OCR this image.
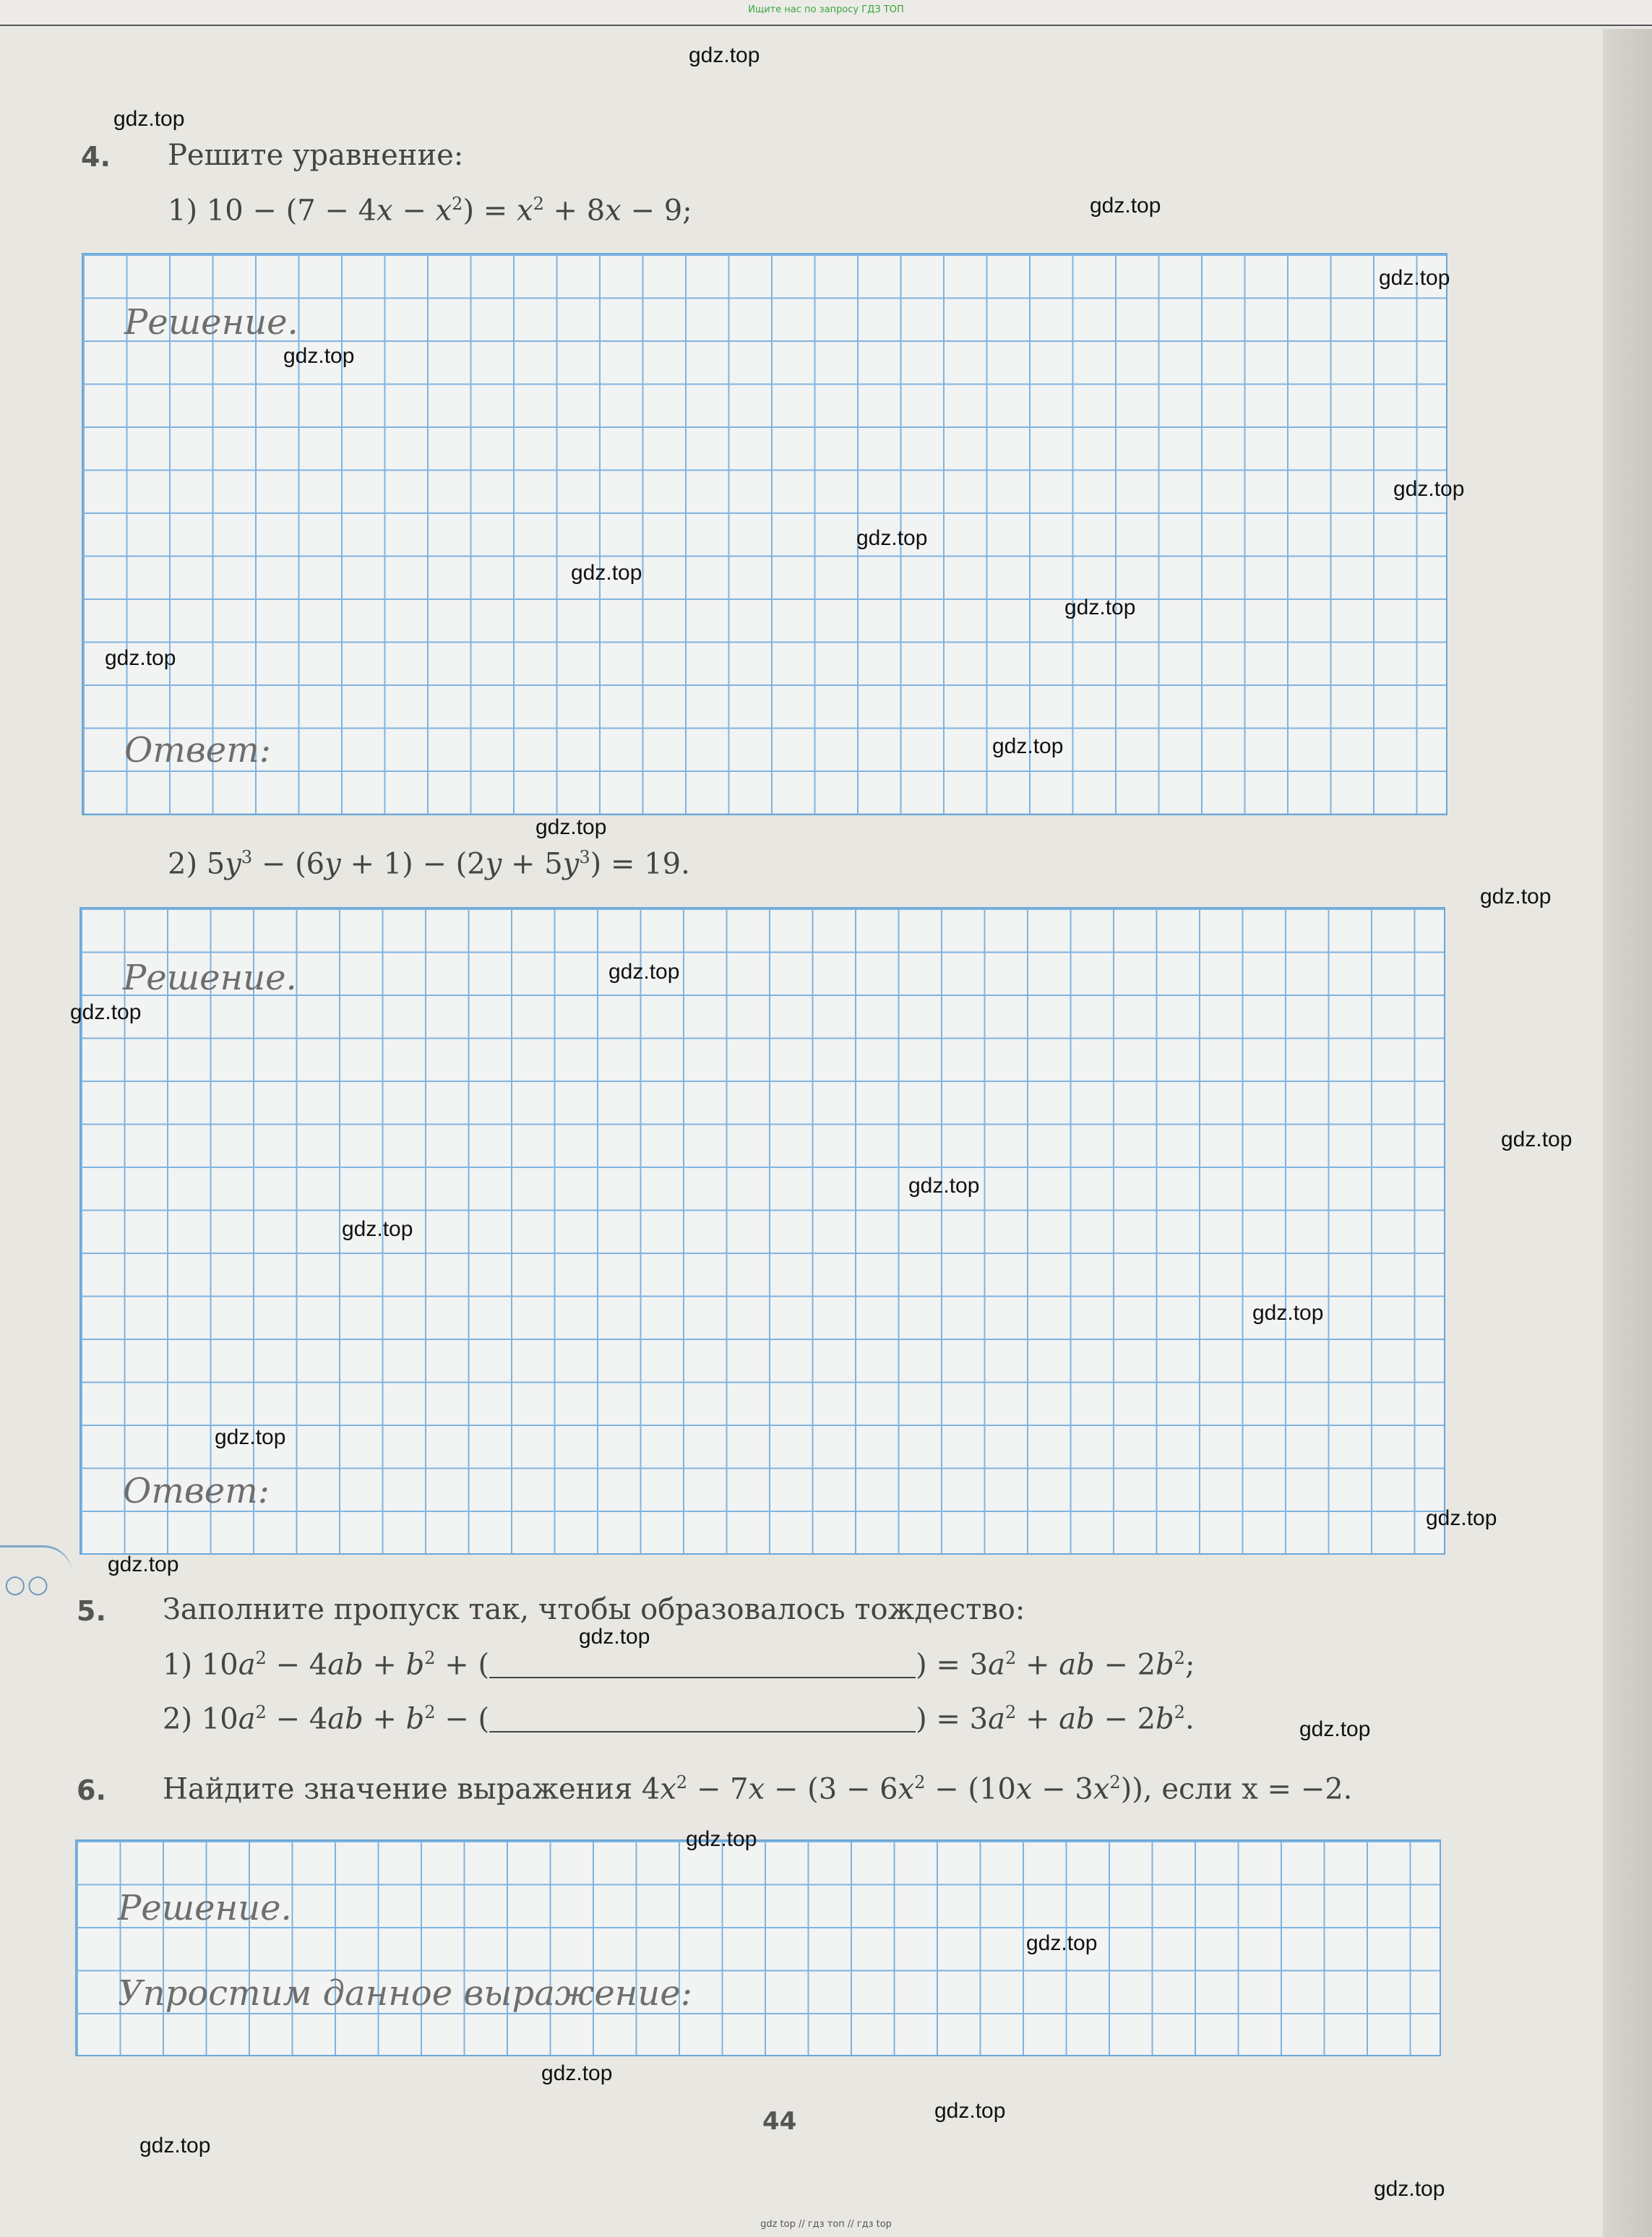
Ищите нас по запросу ГДЗ ТОП
4. Решите уравнение:
1) $10 - (7 - 4x - x^2) = x^2 + 8x - 9$;
Решение.
Ответ:
2) $5y^3 - (6y + 1) - (2y + 5y^3) = 19$.
Решение.
Ответ:
○○
5. Заполните пропуск так, чтобы образовалось тождество:
1) $10a^2 - 4ab + b^2$ + (	) = $3a^2$ + ab − $2b^2$;
2) $10a^2 - 4ab + b^2$ − (	) = $3a^2$ + ab − $2b^2$.
6. Найдите значение выражения $4x^2 - 7x - (3 - 6x^2 - (10x - 3x^2))$, если x = −2.
Решение.
Упростим данное выражение:
44
gdz top // гдз топ // гдз top
gdz.top
gdz.top
gdz.top
gdz.top
gdz.top
gdz.top
gdz.top
gdz.top
gdz.top
gdz.top
gdz.top
gdz.top
gdz.top
gdz.top
gdz.top
gdz.top
gdz.top
gdz.top
gdz.top
gdz.top
gdz.top
gdz.top
gdz.top
gdz.top
gdz.top
gdz.top
gdz.top
gdz.top
gdz.top
gdz.top
